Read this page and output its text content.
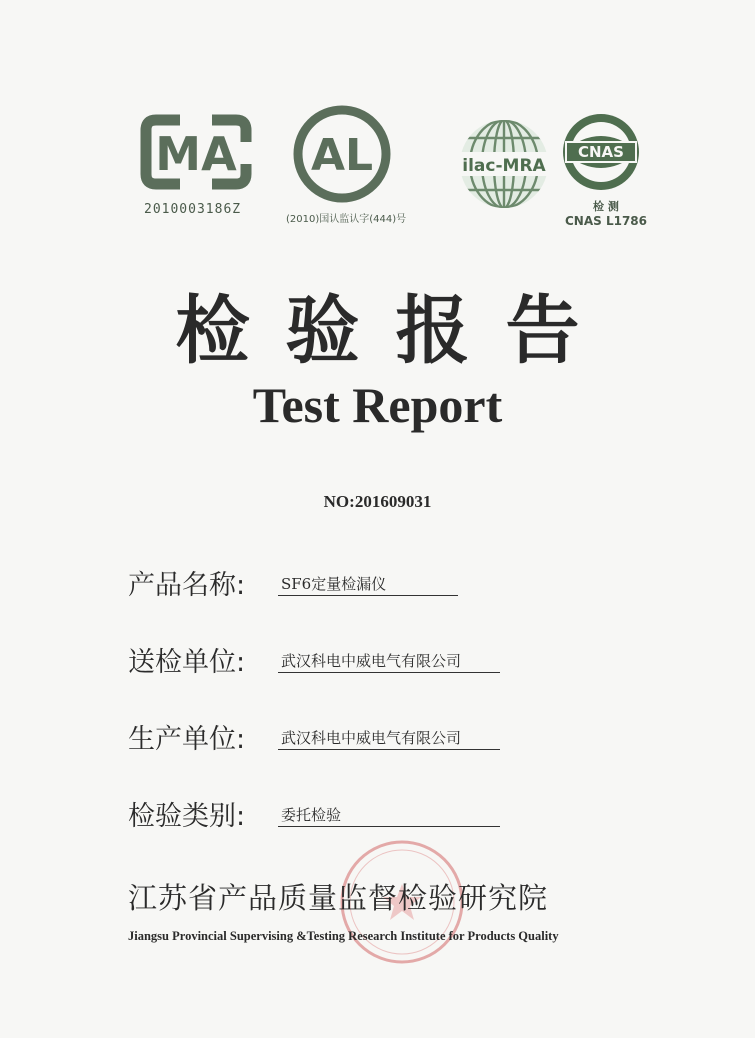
MA
2010003186Z
AL
(2010)国认监认字(444)号
ilac-MRA
CNAS
检 测
CNAS L1786
检验报告
Test Report
NO:201609031
产品名称: SF6定量检漏仪
送检单位: 武汉科电中威电气有限公司
生产单位: 武汉科电中威电气有限公司
检验类别: 委托检验
江苏省产品质量监督检验研究院
Jiangsu Provincial Supervising &Testing Research Institute for Products Quality
